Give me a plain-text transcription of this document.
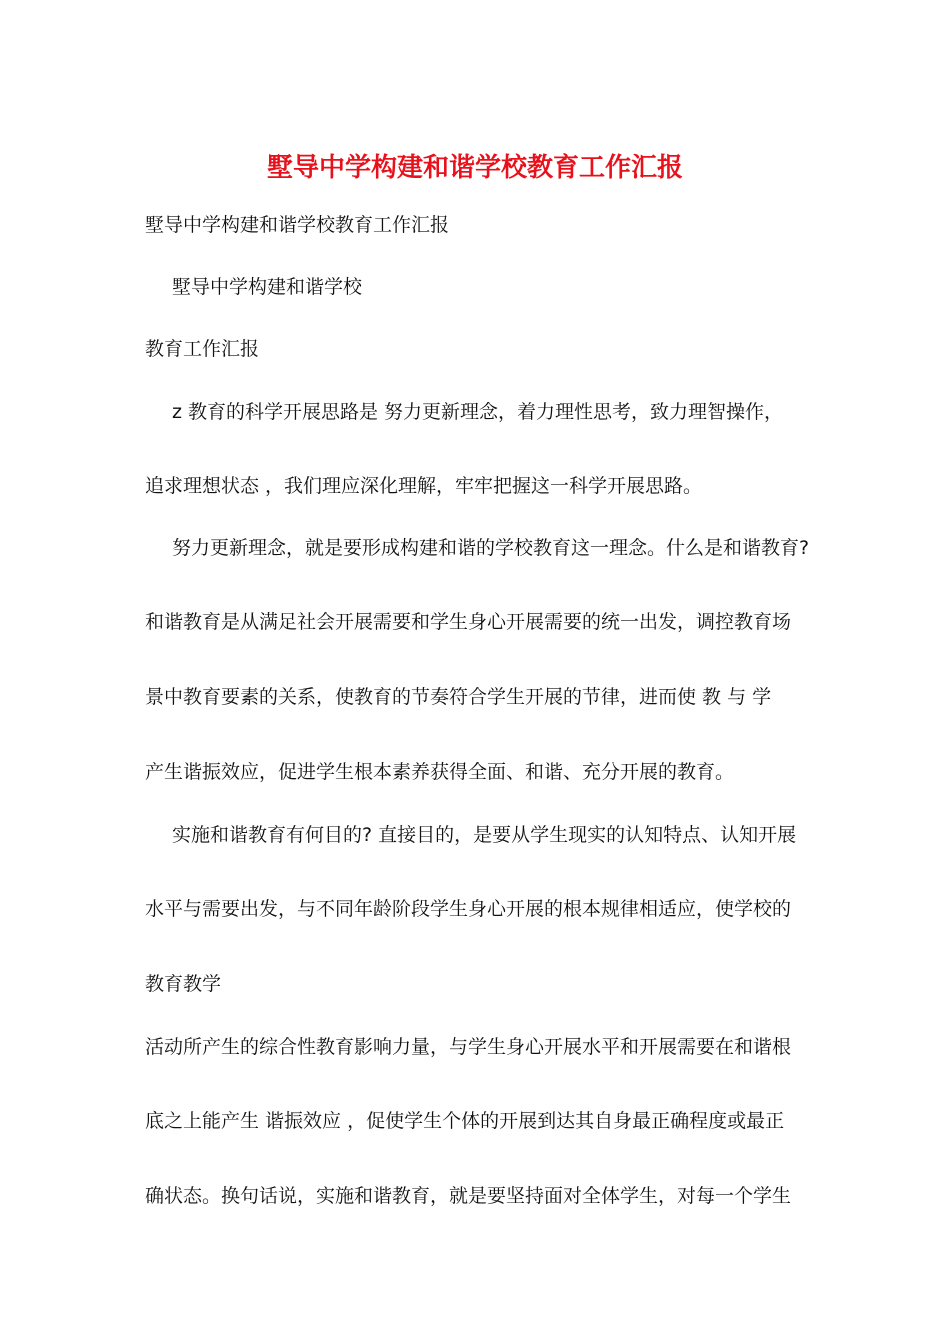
墅导中学构建和谐学校教育工作汇报
墅导中学构建和谐学校教育工作汇报
墅导中学构建和谐学校
教育工作汇报
z 教育的科学开展思路是 努力更新理念，着力理性思考，致力理智操作，
追求理想状态 ，我们理应深化理解，牢牢把握这一科学开展思路。
努力更新理念，就是要形成构建和谐的学校教育这一理念。什么是和谐教育?
和谐教育是从满足社会开展需要和学生身心开展需要的统一出发，调控教育场
景中教育要素的关系，使教育的节奏符合学生开展的节律，进而使 教 与 学
产生谐振效应，促进学生根本素养获得全面、和谐、充分开展的教育。
实施和谐教育有何目的? 直接目的，是要从学生现实的认知特点、认知开展
水平与需要出发，与不同年龄阶段学生身心开展的根本规律相适应，使学校的
教育教学
活动所产生的综合性教育影响力量，与学生身心开展水平和开展需要在和谐根
底之上能产生 谐振效应 ，促使学生个体的开展到达其自身最正确程度或最正
确状态。换句话说，实施和谐教育，就是要坚持面对全体学生，对每一个学生
